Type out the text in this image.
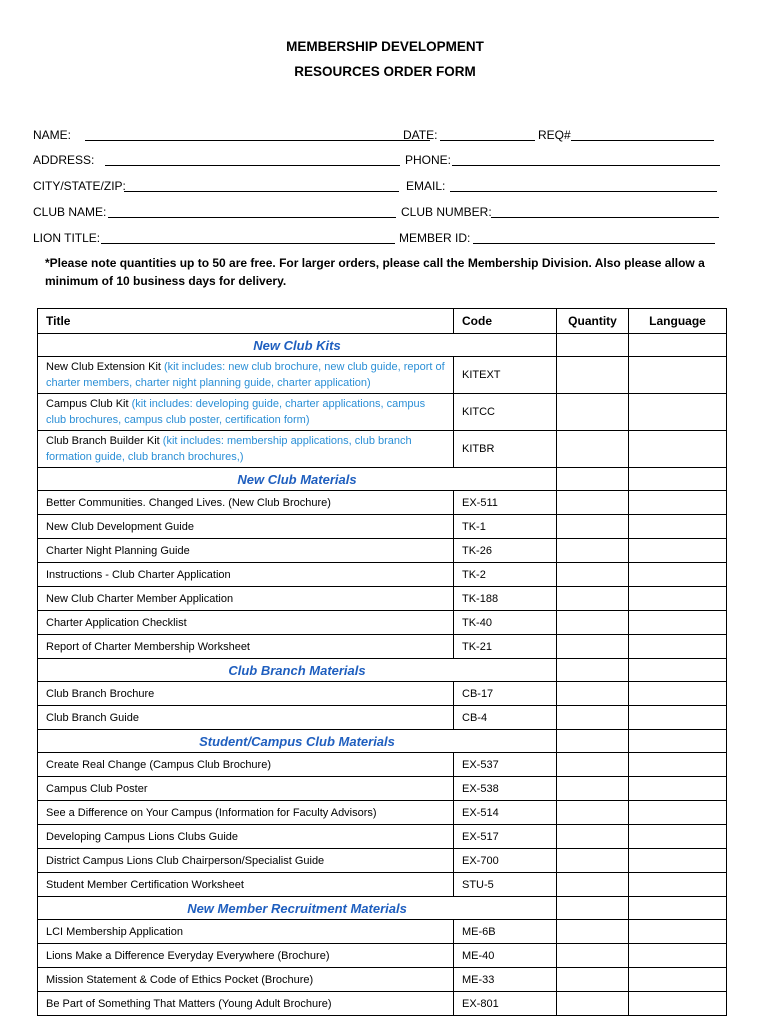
MEMBERSHIP DEVELOPMENT
RESOURCES ORDER FORM
NAME:	DATE:	REQ#
ADDRESS:	PHONE:
CITY/STATE/ZIP:	EMAIL:
CLUB NAME:	CLUB NUMBER:
LION TITLE:	MEMBER ID:
*Please note quantities up to 50 are free. For larger orders, please call the Membership Division. Also please allow a minimum of 10 business days for delivery.
Title	Code	Quantity	Language
New Club Kits			
New Club Extension Kit (kit includes: new club brochure, new club guide, report of charter members, charter night planning guide, charter application)	KITEXT		
Campus Club Kit (kit includes: developing guide, charter applications, campus club brochures, campus club poster, certification form)	KITCC		
Club Branch Builder Kit (kit includes: membership applications, club branch formation guide, club branch brochures,)	KITBR		
New Club Materials			
Better Communities. Changed Lives. (New Club Brochure)	EX-511		
New Club Development Guide	TK-1		
Charter Night Planning Guide	TK-26		
Instructions - Club Charter Application	TK-2		
New Club Charter Member Application	TK-188		
Charter Application Checklist	TK-40		
Report of Charter Membership Worksheet	TK-21		
Club Branch Materials			
Club Branch Brochure	CB-17		
Club Branch Guide	CB-4		
Student/Campus Club Materials			
Create Real Change (Campus Club Brochure)	EX-537		
Campus Club Poster	EX-538		
See a Difference on Your Campus (Information for Faculty Advisors)	EX-514		
Developing Campus Lions Clubs Guide	EX-517		
District Campus Lions Club Chairperson/Specialist Guide	EX-700		
Student Member Certification Worksheet	STU-5		
New Member Recruitment Materials			
LCI Membership Application	ME-6B		
Lions Make a Difference Everyday Everywhere (Brochure)	ME-40		
Mission Statement & Code of Ethics Pocket (Brochure)	ME-33		
Be Part of Something That Matters (Young Adult Brochure)	EX-801		
